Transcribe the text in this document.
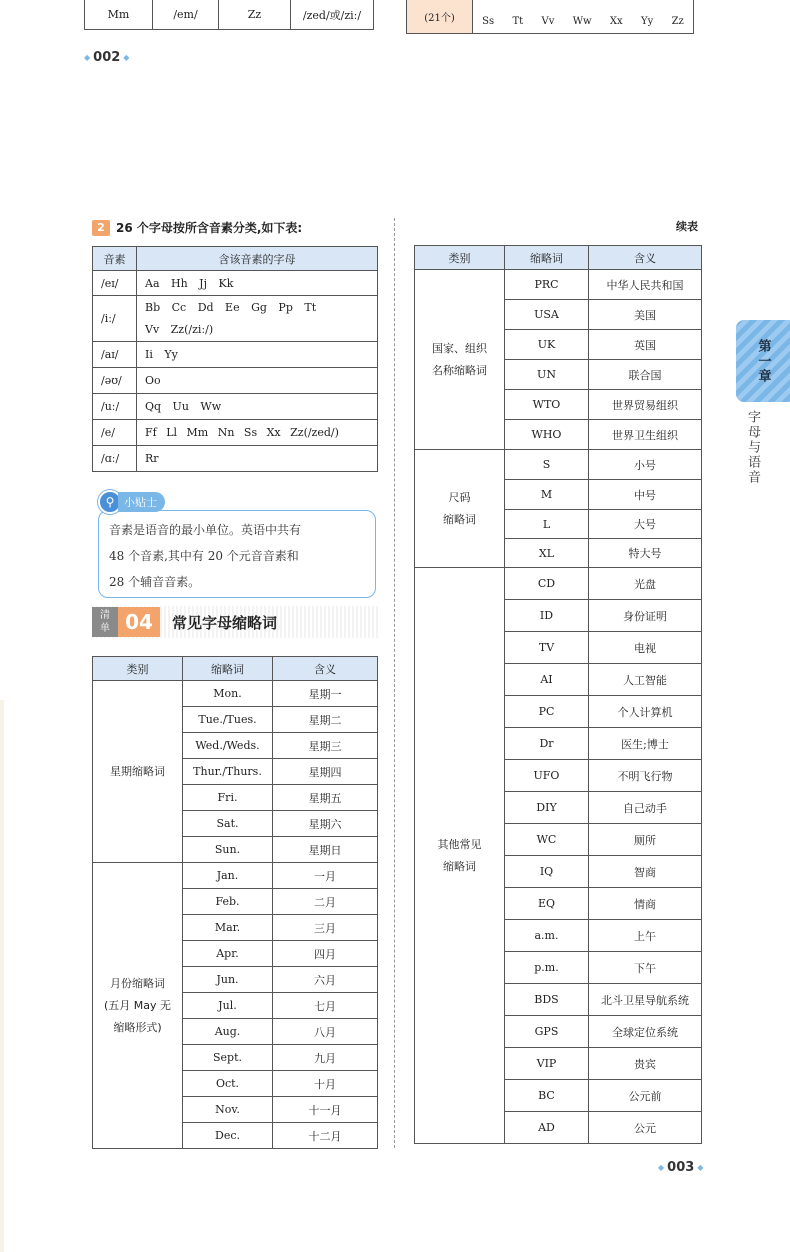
Mm	/em/	Zz	/zed/或/ziː/	(21个)	Ss Tt Vv Ww Xx Yy Zz
◆ 002 ◆
2 26 个字母按所含音素分类,如下表:
音素	含该音素的字母
/eɪ/	Aa Hh Jj Kk
/iː/	Bb Cc Dd Ee Gg Pp Tt
Vv Zz(/ziː/)

/aɪ/	Ii Yy
/əʊ/	Oo
/uː/	Qq Uu Ww
/e/	Ff Ll Mm Nn Ss Xx Zz(/zed/)
/ɑː/	Rr
音素是语音的最小单位。英语中共有
48 个音素,其中有 20 个元音音素和
28 个辅音音素。
⚲ 小贴士
清
单 04	常见字母缩略词
类别	缩略词	含义
星期缩略词	Mon.	星期一
	Tue./Tues.	星期二
	Wed./Weds.	星期三
	Thur./Thurs.	星期四
	Fri.	星期五
	Sat.	星期六
	Sun.	星期日

月份缩略词
(五月 May 无
缩略形式)	Jan.	一月
	Feb.	二月
	Mar.	三月
	Apr.	四月
	Jun.	六月
	Jul.	七月
	Aug.	八月
	Sept.	九月
	Oct.	十月
	Nov.	十一月
	Dec.	十二月
续表
类别	缩略词	含义

国家、组织
名称缩略词	PRC	中华人民共和国
	USA	美国
	UK	英国
	UN	联合国
	WTO	世界贸易组织
	WHO	世界卫生组织

尺码
缩略词	S	小号
	M	中号
	L	大号
	XL	特大号

其他常见
缩略词	CD	光盘
	ID	身份证明
	TV	电视
	AI	人工智能
	PC	个人计算机
	Dr	医生;博士
	UFO	不明飞行物
	DIY	自己动手
	WC	厕所
	IQ	智商
	EQ	情商
	a.m.	上午
	p.m.	下午
	BDS	北斗卫星导航系统
	GPS	全球定位系统
	VIP	贵宾
	BC	公元前
	AD	公元
第一章
字母与语音
◆ 003 ◆
